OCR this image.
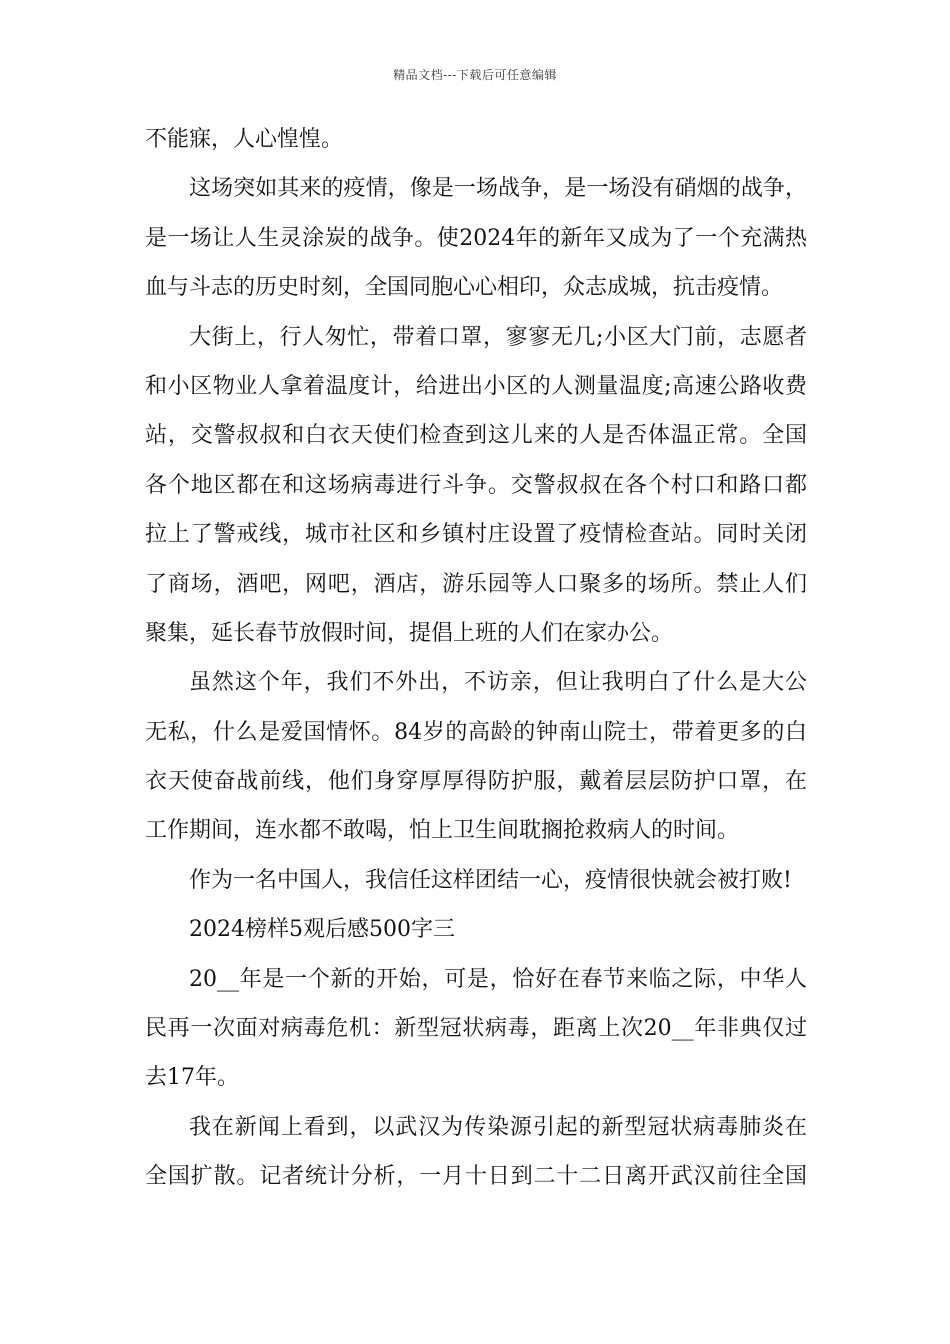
精品文档---下载后可任意编辑
不能寐，人心惶惶。
这场突如其来的疫情，像是一场战争，是一场没有硝烟的战争，
是一场让人生灵涂炭的战争。使2024年的新年又成为了一个充满热
血与斗志的历史时刻，全国同胞心心相印，众志成城，抗击疫情。
大街上，行人匆忙，带着口罩，寥寥无几;小区大门前，志愿者
和小区物业人拿着温度计，给进出小区的人测量温度;高速公路收费
站，交警叔叔和白衣天使们检查到这儿来的人是否体温正常。全国
各个地区都在和这场病毒进行斗争。交警叔叔在各个村口和路口都
拉上了警戒线，城市社区和乡镇村庄设置了疫情检查站。同时关闭
了商场，酒吧，网吧，酒店，游乐园等人口聚多的场所。禁止人们
聚集，延长春节放假时间，提倡上班的人们在家办公。
虽然这个年，我们不外出，不访亲，但让我明白了什么是大公
无私，什么是爱国情怀。84岁的高龄的钟南山院士，带着更多的白
衣天使奋战前线，他们身穿厚厚得防护服，戴着层层防护口罩，在
工作期间，连水都不敢喝，怕上卫生间耽搁抢救病人的时间。
作为一名中国人，我信任这样团结一心，疫情很快就会被打败!
2024榜样5观后感500字三
20__年是一个新的开始，可是，恰好在春节来临之际，中华人
民再一次面对病毒危机：新型冠状病毒，距离上次20__年非典仅过
去17年。
我在新闻上看到，以武汉为传染源引起的新型冠状病毒肺炎在
全国扩散。记者统计分析，一月十日到二十二日离开武汉前往全国
